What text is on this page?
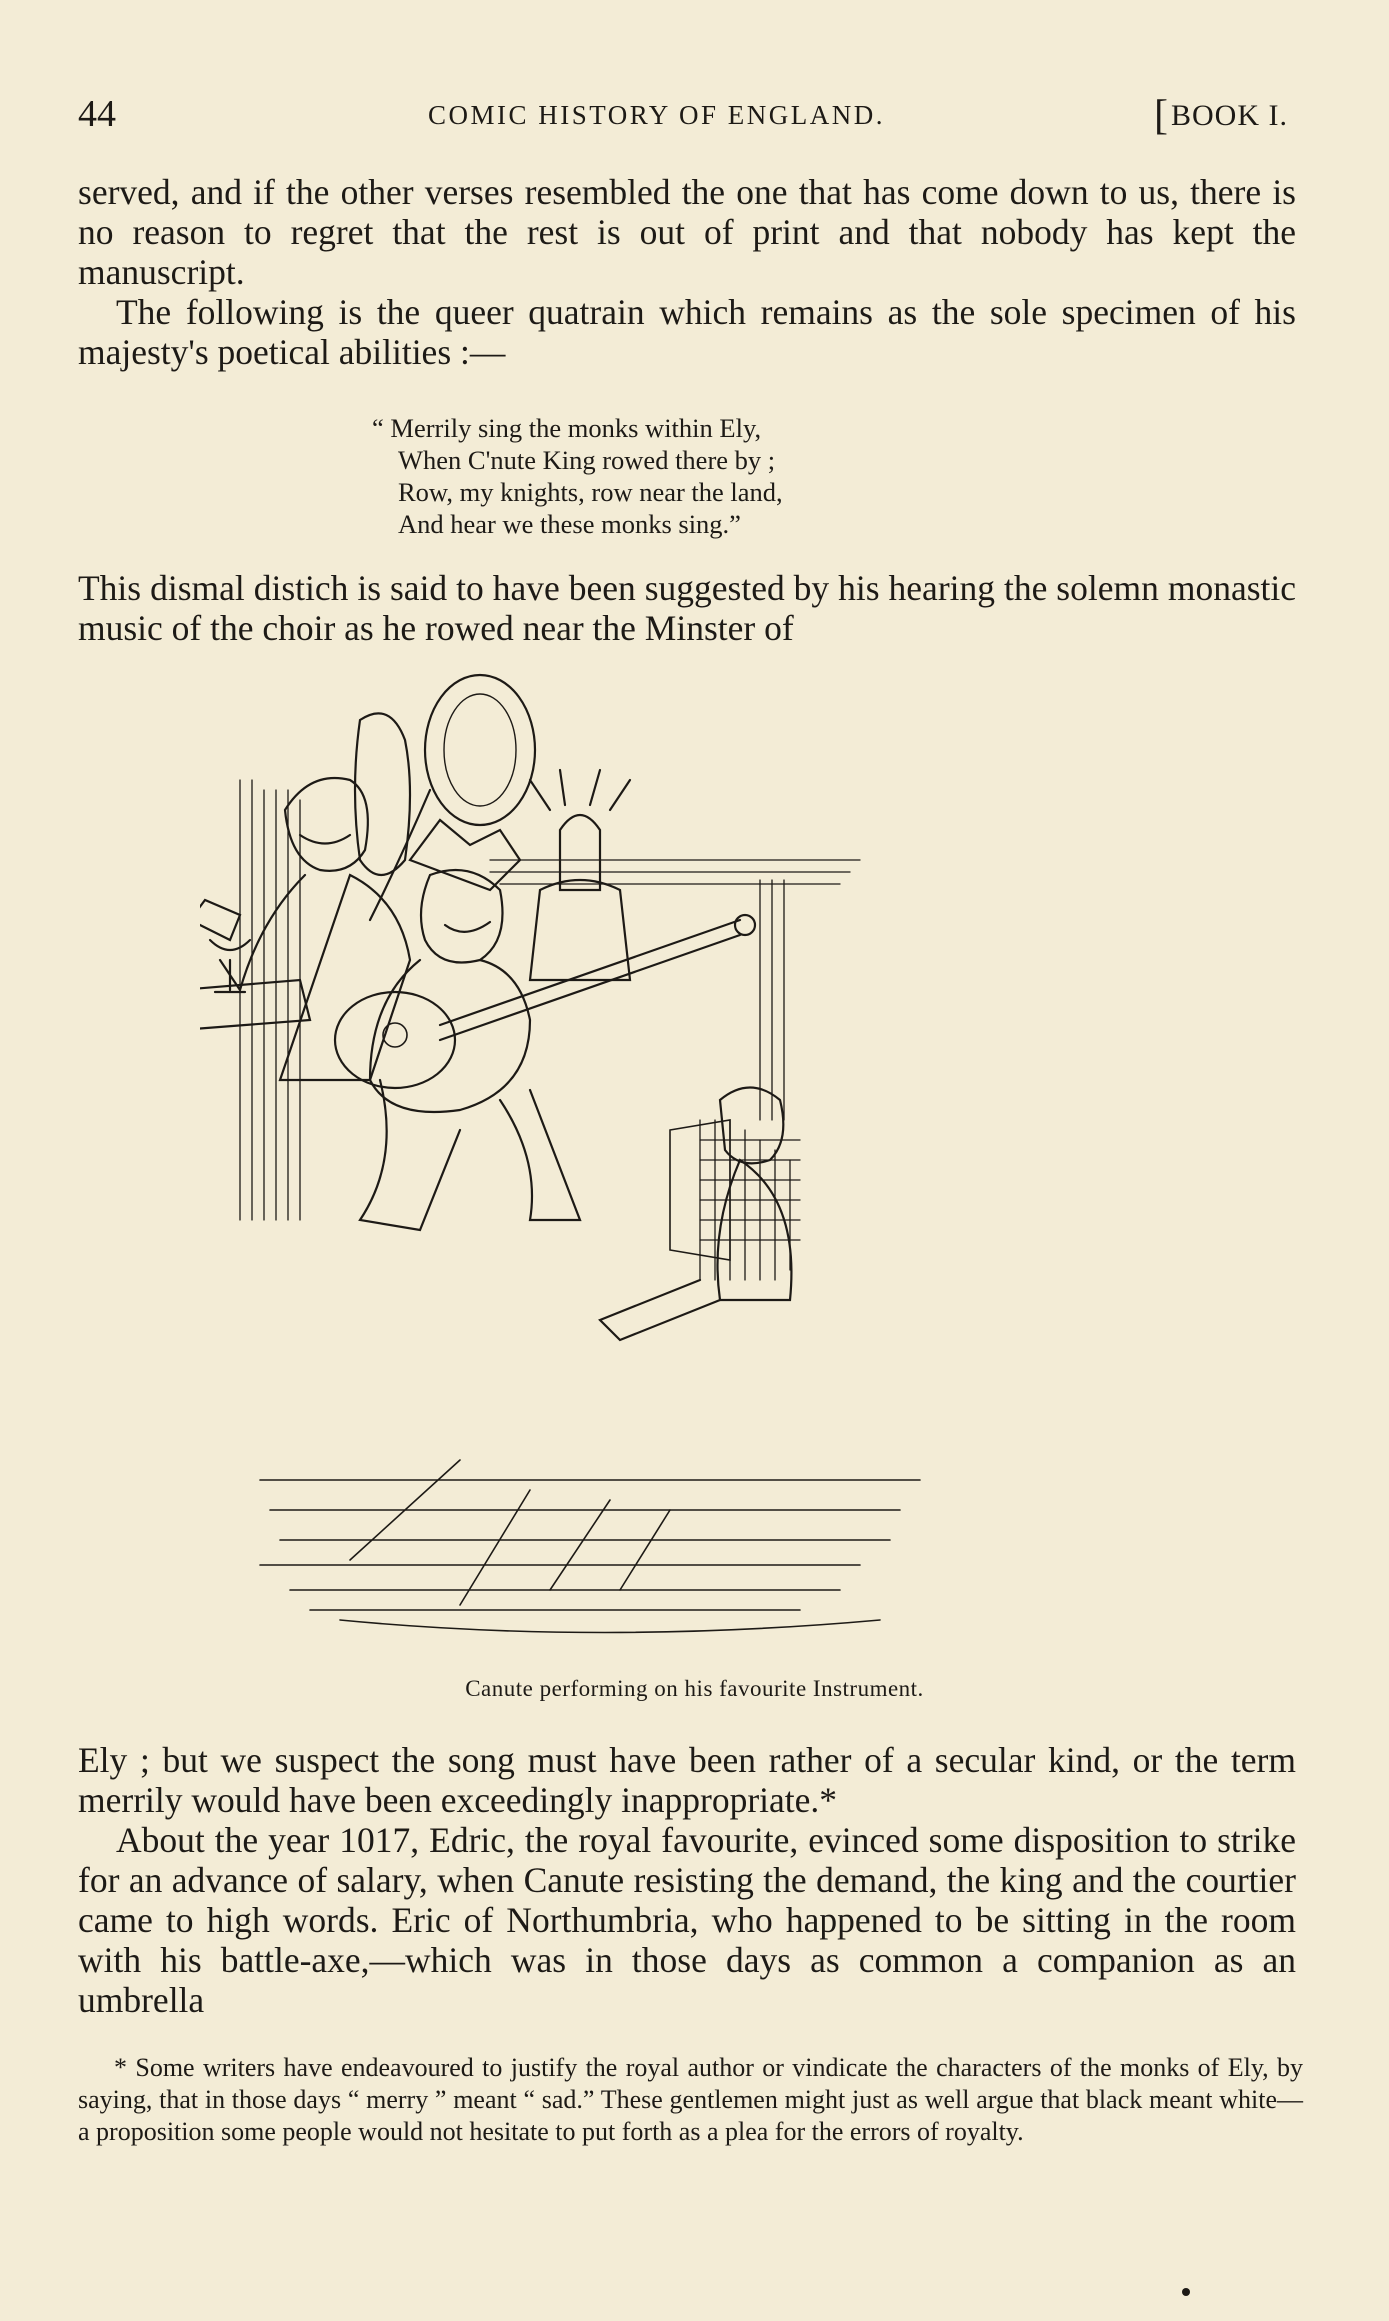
44	COMIC HISTORY OF ENGLAND.	[BOOK I.

served, and if the other verses resembled the one that has come down to us, there is no reason to regret that the rest is out of print and that nobody has kept the manuscript.

The following is the queer quatrain which remains as the sole specimen of his majesty's poetical abilities :—

“ Merrily sing the monks within Ely,
When C'nute King rowed there by ;
Row, my knights, row near the land,
And hear we these monks sing.”

This dismal distich is said to have been suggested by his hearing the solemn monastic music of the choir as he rowed near the Minster of

Canute performing on his favourite Instrument.

Ely ; but we suspect the song must have been rather of a secular kind, or the term merrily would have been exceedingly inappropriate.*

About the year 1017, Edric, the royal favourite, evinced some disposition to strike for an advance of salary, when Canute resisting the demand, the king and the courtier came to high words. Eric of Northumbria, who happened to be sitting in the room with his battle-axe,—which was in those days as common a companion as an umbrella

* Some writers have endeavoured to justify the royal author or vindicate the characters of the monks of Ely, by saying, that in those days “ merry ” meant “ sad.” These gentlemen might just as well argue that black meant white—a proposition some people would not hesitate to put forth as a plea for the errors of royalty.
